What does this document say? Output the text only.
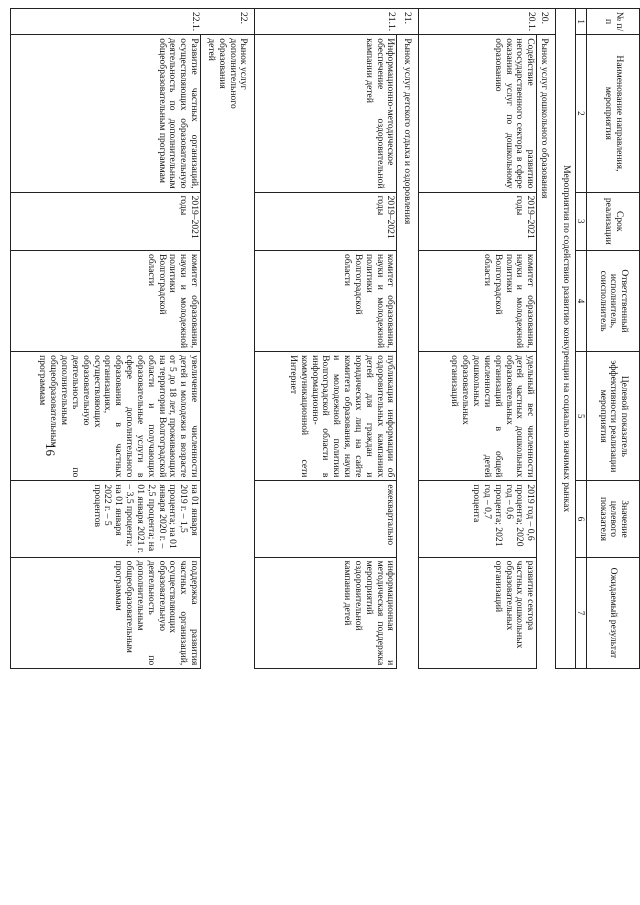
16
№ п/п	Наименование направления, мероприятия	Срок реализации	Ответственный исполнитель, соисполнитель	Целевой показатель эффективности реализации мероприятия	Значение целевого показателя	Ожидаемый результат
1	2	3	4	5	6	7
Мероприятия по содействию развитию конкуренции на социально значимых рынках						
20.	Рынок услуг дошкольного образования					
20.1.	Содействие развитию негосударственного сектора в сфере оказания услуг по дошкольному образованию	2019–2021 годы	комитет образования, науки и молодежной политики Волгоградской области	удельный вес численности детей частных дошкольных образовательных организаций в общей численности детей дошкольных образовательных организаций	2019 год – 0,6 процента; 2020 год – 0,6 процента; 2021 год – 0,7 процента	развитие сектора частных дошкольных образовательных организаций
21.	Рынок услуг детского отдыха и оздоровления					
21.1.	Информационно-методическое обеспечение оздоровительной кампании детей	2019–2021 годы	комитет образования, науки и молодежной политики Волгоградской области	публикация информации об оздоровительных кампаниях детей для граждан и юридических лиц на сайте комитета образования, науки и молодежной политики Волгоградской области в информационно-коммуникационной сети Интернет	ежеквартально	информационная и методическая поддержка мероприятий оздоровительной кампании детей
22.	Рынок услуг дополнительного образования детей					
22.1.	Развитие частных организаций, осуществляющих образовательную деятельность по дополнительным общеобразовательным программам	2019–2021 годы	комитет образования, науки и молодежной политики Волгоградской области	увеличение численности детей и молодежи в возрасте от 5 до 18 лет, проживающих на территории Волгоградской области и получающих образовательные услуги в сфере дополнительного образования в частных организациях, осуществляющих образовательную деятельность по дополнительным общеобразовательным программам	на 01 января 2019 г. – 1,5 процента; на 01 января 2020 г. – 2,5 процента; на 01 января 2021 г. – 3,5 процента; на 01 января 2022 г. – 5 процентов	поддержка развития частных организаций, осуществляющих образовательную деятельность по дополнительным общеобразовательным программам
